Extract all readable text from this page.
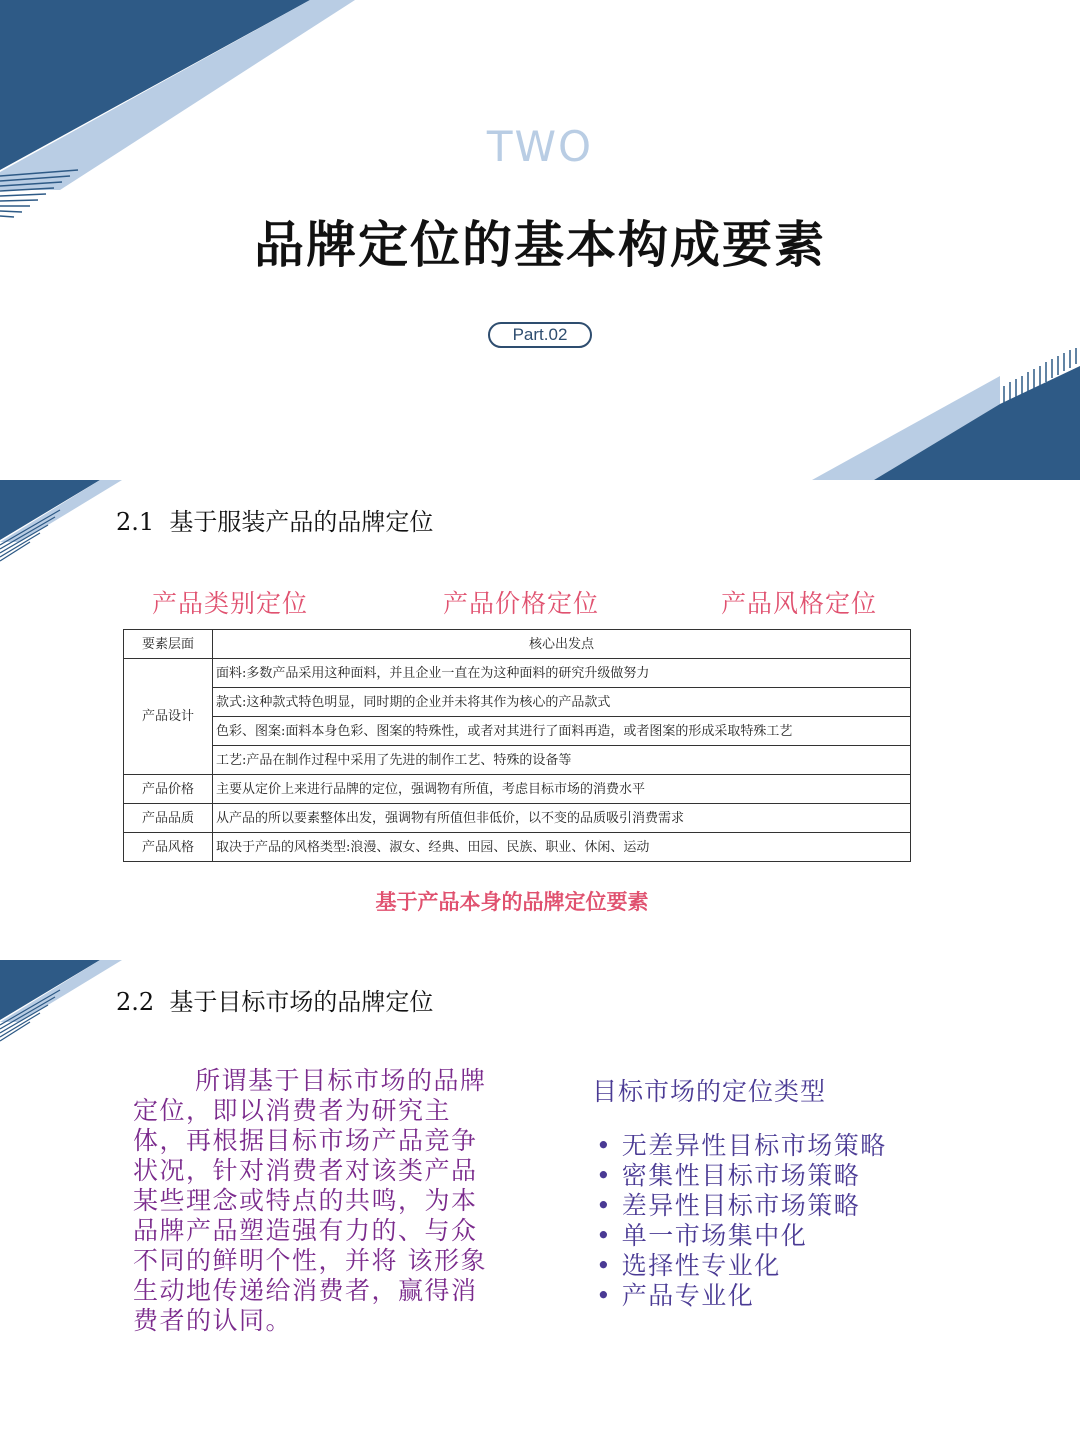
TWO
品牌定位的基本构成要素
Part.02
2.1  基于服装产品的品牌定位
产品类别定位	产品价格定位	产品风格定位
要素层面	核心出发点
产品设计	面料:多数产品采用这种面料，并且企业一直在为这种面料的研究升级做努力
	款式:这种款式特色明显，同时期的企业并未将其作为核心的产品款式
	色彩、图案:面料本身色彩、图案的特殊性，或者对其进行了面料再造，或者图案的形成采取特殊工艺
	工艺:产品在制作过程中采用了先进的制作工艺、特殊的设备等
产品价格	主要从定价上来进行品牌的定位，强调物有所值，考虑目标市场的消费水平
产品品质	从产品的所以要素整体出发，强调物有所值但非低价，以不变的品质吸引消费需求
产品风格	取决于产品的风格类型:浪漫、淑女、经典、田园、民族、职业、休闲、运动
基于产品本身的品牌定位要素
2.2  基于目标市场的品牌定位
所谓基于目标市场的品牌定位，即以消费者为研究主体，再根据目标市场产品竞争状况，针对消费者对该类产品某些理念或特点的共鸣，为本品牌产品塑造强有力的、与众不同的鲜明个性，并将 该形象生动地传递给消费者，赢得消费者的认同。
目标市场的定位类型
• 无差异性目标市场策略
• 密集性目标市场策略
• 差异性目标市场策略
• 单一市场集中化
• 选择性专业化
• 产品专业化
